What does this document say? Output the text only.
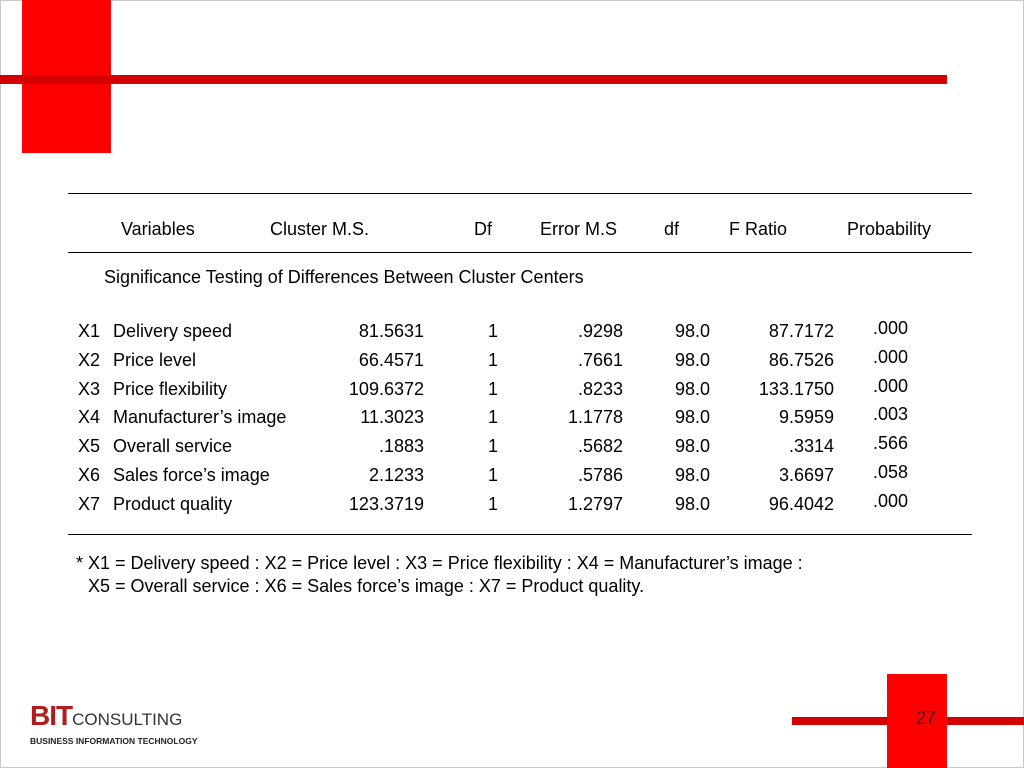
Variables	Cluster M.S.	Df	Error M.S	df	F Ratio	Probability
Significance Testing of Differences Between Cluster Centers
X1 Delivery speed	81.5631	1	.9298	98.0	87.7172 .000
X2 Price level	66.4571	1	.7661	98.0	86.7526 .000
X3 Price flexibility	109.6372	1	.8233	98.0	133.1750 .000
X4 Manufacturer’s image	11.3023	1	1.1778	98.0	9.5959 .003
X5 Overall service	.1883	1	.5682	98.0	.3314 .566
X6 Sales force’s image	2.1233	1	.5786	98.0	3.6697 .058
X7 Product quality	123.3719	1	1.2797	98.0	96.4042 .000
* X1 = Delivery speed : X2 = Price level : X3 = Price flexibility : X4 = Manufacturer’s image :
X5 = Overall service : X6 = Sales force’s image : X7 = Product quality.
27
BITCONSULTING
BUSINESS INFORMATION TECHNOLOGY
